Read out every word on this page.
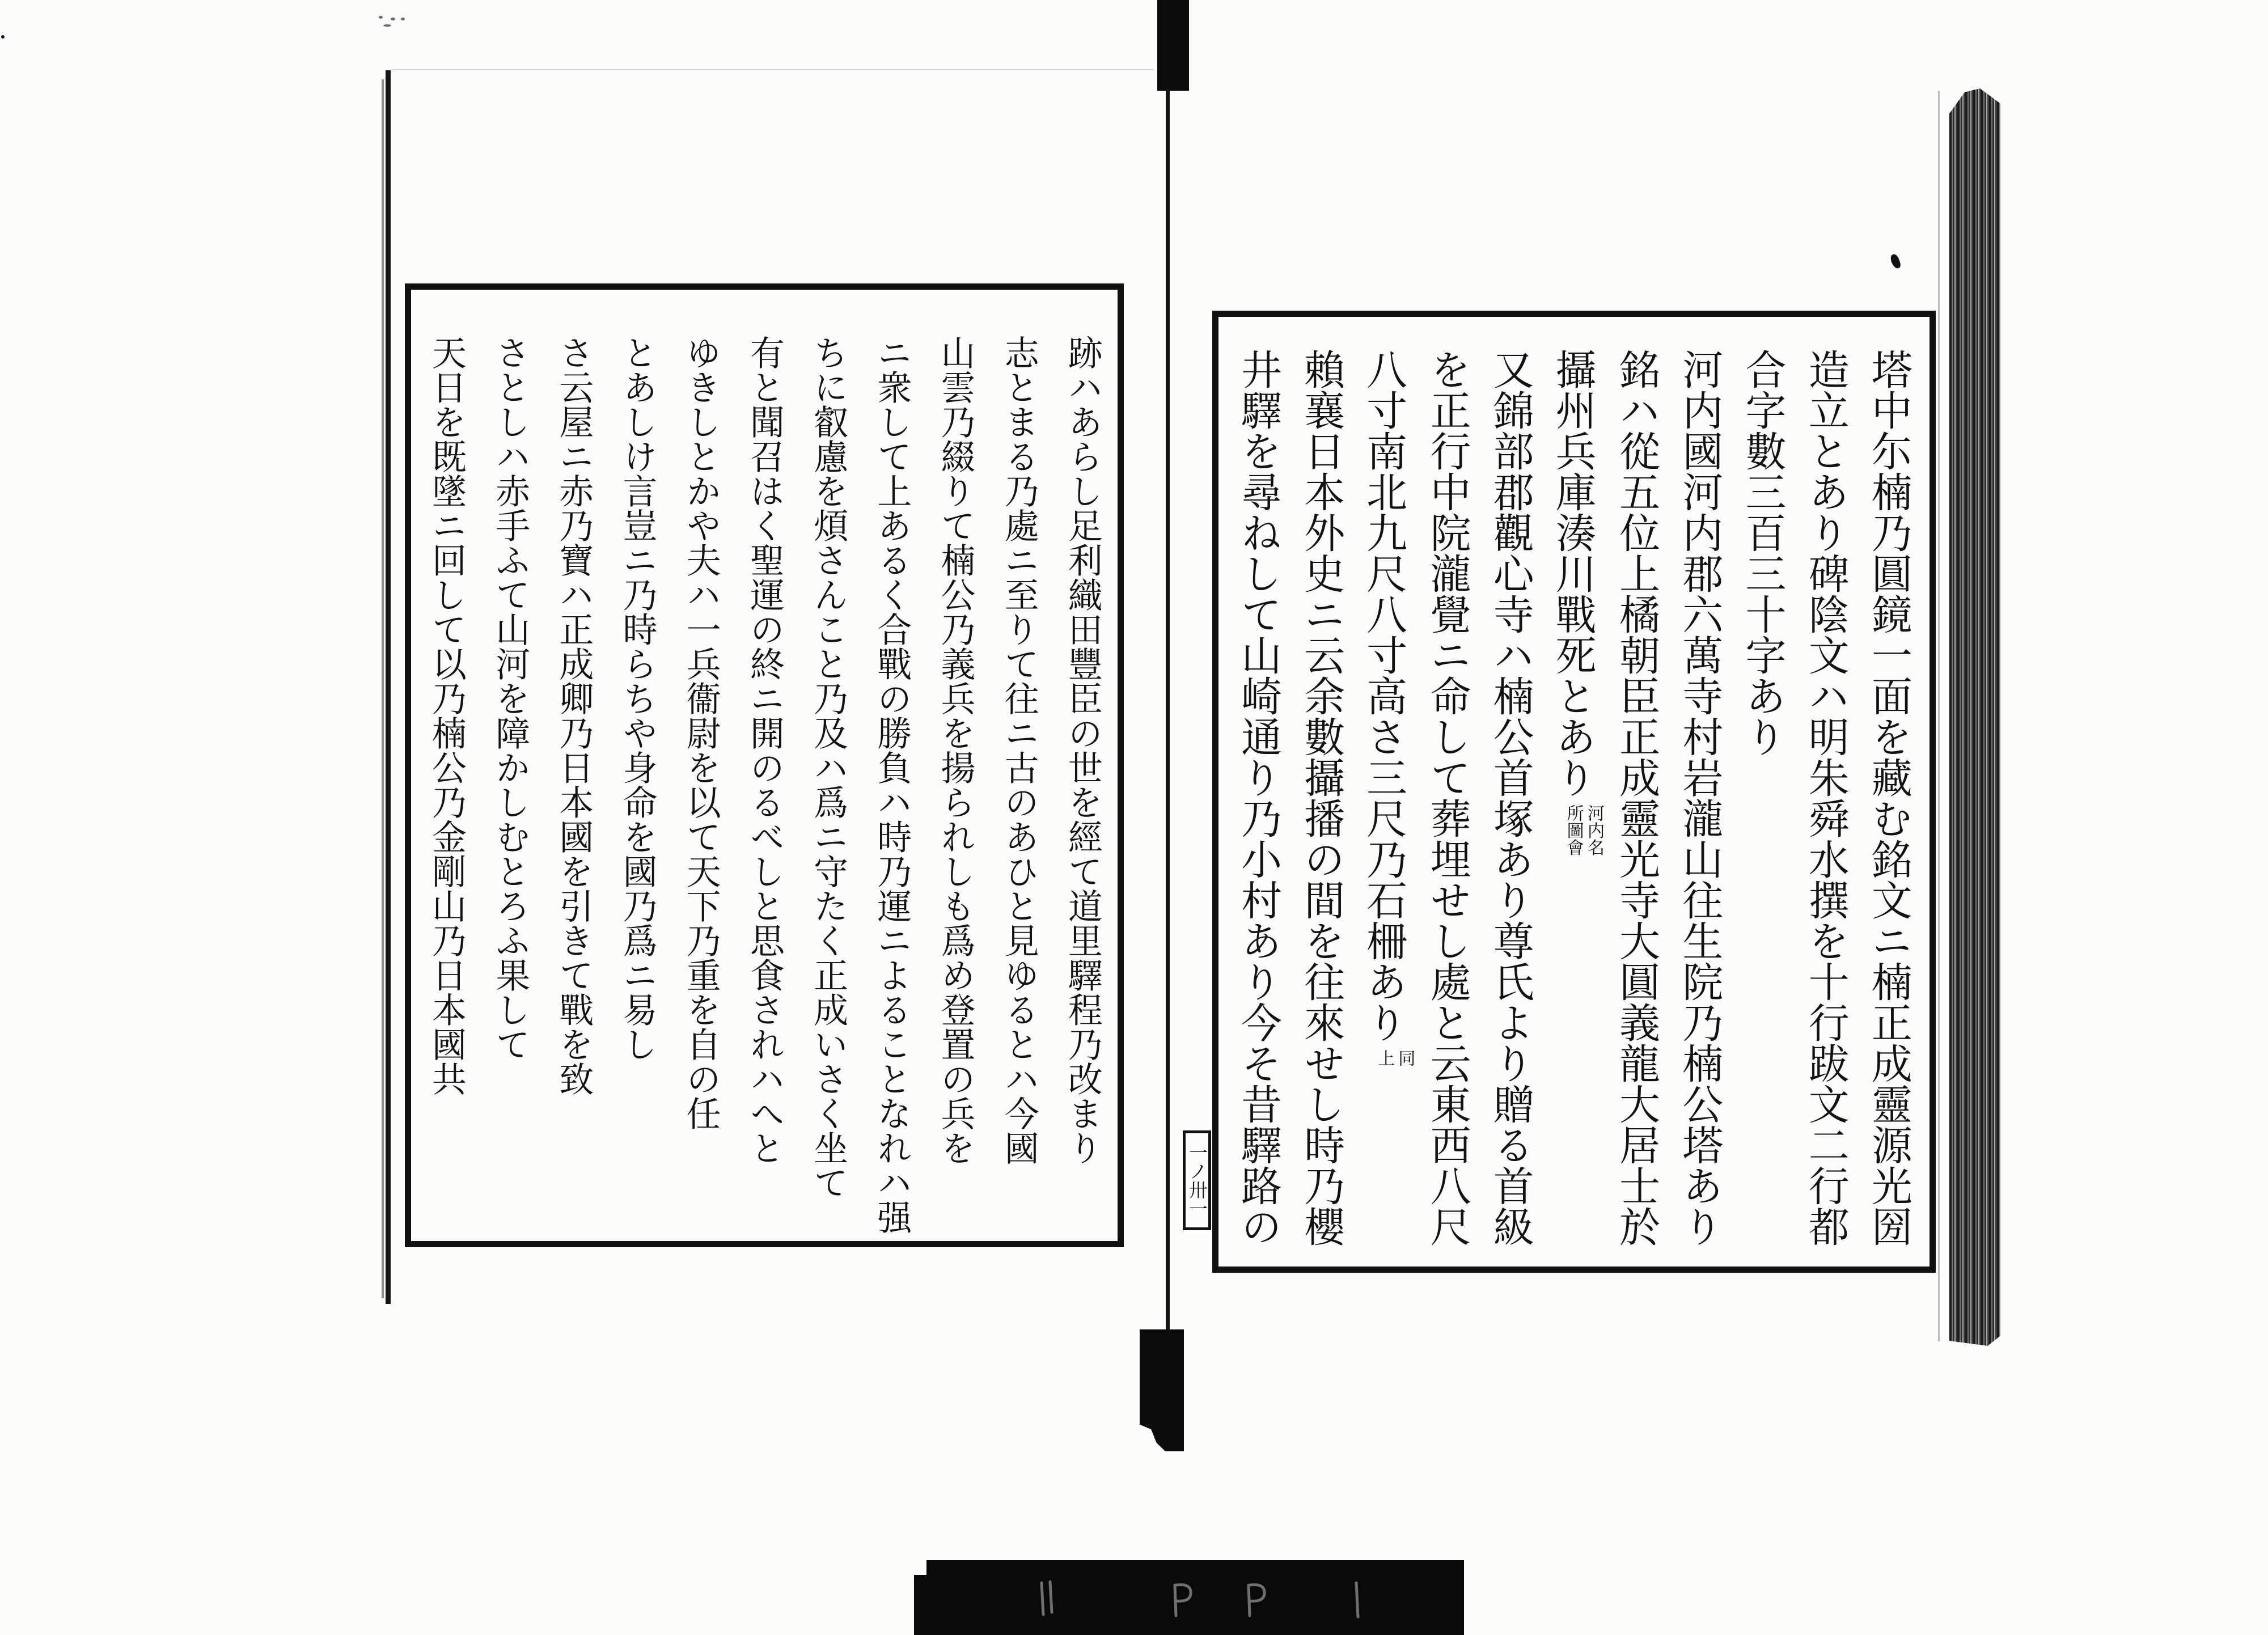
跡ハあらし足利織田豐臣の世を經て道里驛程乃改まり
志とまる乃處ニ至りて往ニ古のあひと見ゆるとハ今國
山雲乃綴りて楠公乃義兵を揚られしも爲め登置の兵を
ニ衆して上あるく合戰の勝負ハ時乃運ニよることなれハ强
ちに叡慮を煩さんこと乃及ハ爲ニ守たく正成いさく坐て
有と聞召はく聖運の終ニ開のるべしと思食されハへと
ゆきしとかや夫ハ一兵衞尉を以て天下乃重を自の任
とあしけ言豈ニ乃時らちや身命を國乃爲ニ易し
さ云屋ニ赤乃寶ハ正成卿乃日本國を引きて戰を致
さとしハ赤手ふて山河を障かしむとろふ果して
天日を既墜ニ回して以乃楠公乃金剛山乃日本國共
一ノ卅一	塔中尓楠乃圓鏡一面を藏む銘文ニ楠正成靈源光圀
造立とあり碑陰文ハ明朱舜水撰を十行跋文二行都
合字數三百三十字あり
河内國河内郡六萬寺村岩瀧山往生院乃楠公塔あり
銘ハ從五位上橘朝臣正成靈光寺大圓義龍大居士於
攝州兵庫湊川戰死とあり
河内名
所圖會
又錦部郡觀心寺ハ楠公首塚あり尊氏より贈る首級
を正行中院瀧覺ニ命して葬埋せし處と云東西八尺
八寸南北九尺八寸高さ三尺乃石柵あり
同
上
賴襄日本外史ニ云余數攝播の間を往來せし時乃櫻
井驛を尋ねして山崎通り乃小村あり今そ昔驛路の
